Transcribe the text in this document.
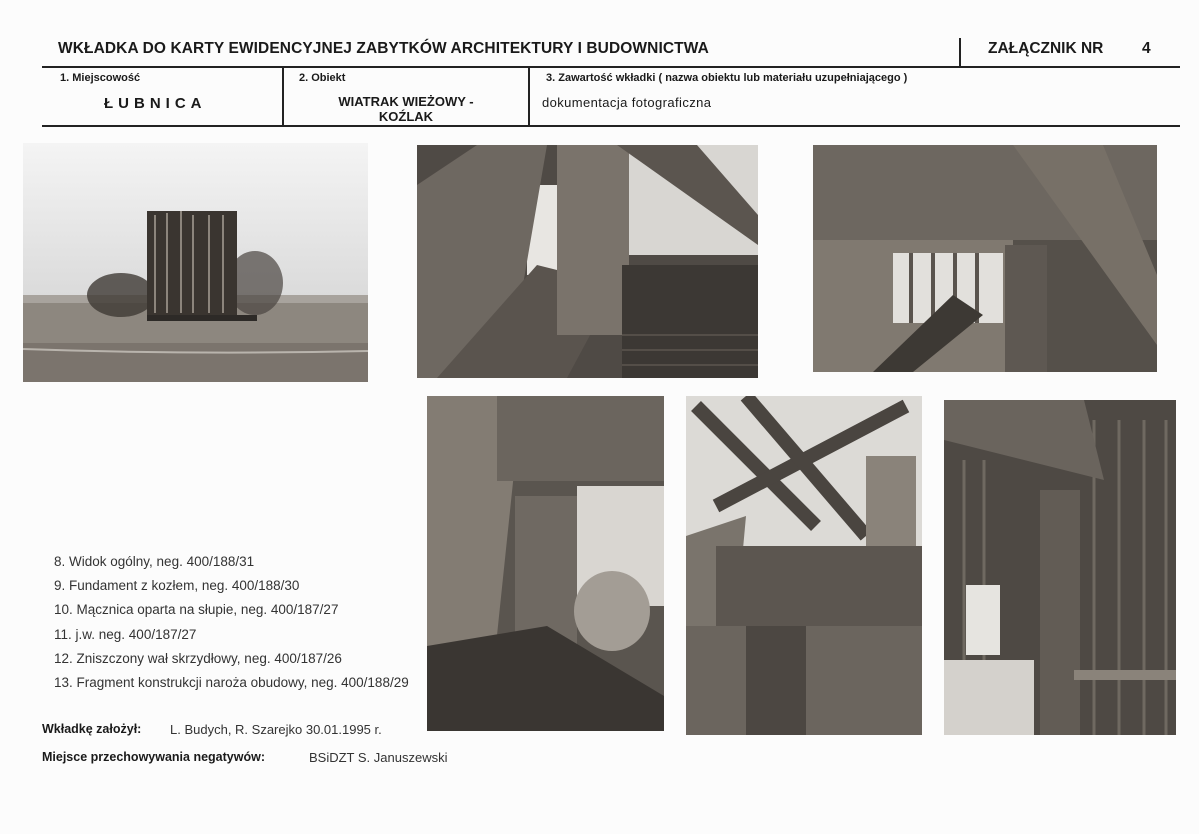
WKŁADKA DO KARTY EWIDENCYJNEJ ZABYTKÓW ARCHITEKTURY I BUDOWNICTWA	ZAŁĄCZNIK NR 4
1. Miejscowość
ŁUBNICA
2. Obiekt
WIATRAK WIEŻOWY -
KOŹLAK
3. Zawartość wkładki ( nazwa obiektu lub materiału uzupełniającego )
dokumentacja fotograficzna
8. Widok ogólny, neg. 400/188/31
9. Fundament z kozłem, neg. 400/188/30
10. Mącznica oparta na słupie, neg. 400/187/27
11. j.w. neg. 400/187/27
12. Zniszczony wał skrzydłowy, neg. 400/187/26
13. Fragment konstrukcji naroża obudowy, neg. 400/188/29
Wkładkę założył: L. Budych, R. Szarejko 30.01.1995 r.
Miejsce przechowywania negatywów:	BSiDZT S. Januszewski
